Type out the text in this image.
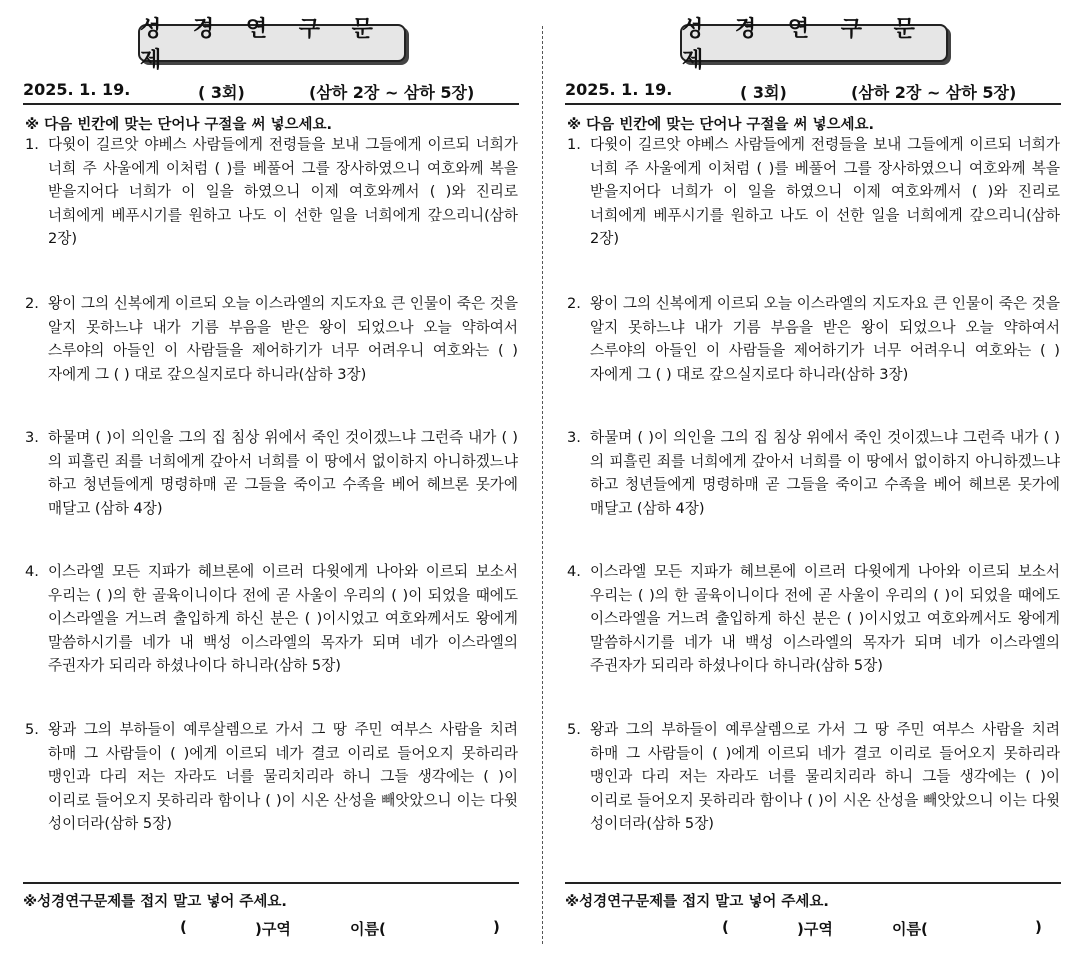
성 경 연 구 문 제
2025. 1. 19.	( 3회)	(삼하 2장 ~ 삼하 5장)
※ 다음 빈칸에 맞는 단어나 구절을 써 넣으세요.
1. 다윗이 길르앗 야베스 사람들에게 전령들을 보내 그들에게 이르되 너희가 너희 주 사울에게 이처럼 ( )를 베풀어 그를 장사하였으니 여호와께 복을 받을지어다 너희가 이 일을 하였으니 이제 여호와께서 ( )와 진리로 너희에게 베푸시기를 원하고 나도 이 선한 일을 너희에게 갚으리니(삼하 2장)
2. 왕이 그의 신복에게 이르되 오늘 이스라엘의 지도자요 큰 인물이 죽은 것을 알지 못하느냐 내가 기름 부음을 받은 왕이 되었으나 오늘 약하여서 스루야의 아들인 이 사람들을 제어하기가 너무 어려우니 여호와는 ( ) 자에게 그 ( ) 대로 갚으실지로다 하니라(삼하 3장)
3. 하물며 ( )이 의인을 그의 집 침상 위에서 죽인 것이겠느냐 그런즉 내가 ( )의 피흘린 죄를 너희에게 갚아서 너희를 이 땅에서 없이하지 아니하겠느냐 하고 청년들에게 명령하매 곧 그들을 죽이고 수족을 베어 헤브론 못가에 매달고 (삼하 4장)
4. 이스라엘 모든 지파가 헤브론에 이르러 다윗에게 나아와 이르되 보소서 우리는 ( )의 한 골육이니이다 전에 곧 사울이 우리의 ( )이 되었을 때에도 이스라엘을 거느려 출입하게 하신 분은 ( )이시었고 여호와께서도 왕에게 말씀하시기를 네가 내 백성 이스라엘의 목자가 되며 네가 이스라엘의 주권자가 되리라 하셨나이다 하니라(삼하 5장)
5. 왕과 그의 부하들이 예루살렘으로 가서 그 땅 주민 여부스 사람을 치려 하매 그 사람들이 ( )에게 이르되 네가 결코 이리로 들어오지 못하리라 맹인과 다리 저는 자라도 너를 물리치리라 하니 그들 생각에는 ( )이 이리로 들어오지 못하리라 함이나 ( )이 시온 산성을 빼앗았으니 이는 다윗 성이더라(삼하 5장)
※성경연구문제를 접지 말고 넣어 주세요.
(	)구역	이름(	)
성 경 연 구 문 제
2025. 1. 19.	( 3회)	(삼하 2장 ~ 삼하 5장)
※ 다음 빈칸에 맞는 단어나 구절을 써 넣으세요.
1. 다윗이 길르앗 야베스 사람들에게 전령들을 보내 그들에게 이르되 너희가 너희 주 사울에게 이처럼 ( )를 베풀어 그를 장사하였으니 여호와께 복을 받을지어다 너희가 이 일을 하였으니 이제 여호와께서 ( )와 진리로 너희에게 베푸시기를 원하고 나도 이 선한 일을 너희에게 갚으리니(삼하 2장)
2. 왕이 그의 신복에게 이르되 오늘 이스라엘의 지도자요 큰 인물이 죽은 것을 알지 못하느냐 내가 기름 부음을 받은 왕이 되었으나 오늘 약하여서 스루야의 아들인 이 사람들을 제어하기가 너무 어려우니 여호와는 ( ) 자에게 그 ( ) 대로 갚으실지로다 하니라(삼하 3장)
3. 하물며 ( )이 의인을 그의 집 침상 위에서 죽인 것이겠느냐 그런즉 내가 ( )의 피흘린 죄를 너희에게 갚아서 너희를 이 땅에서 없이하지 아니하겠느냐 하고 청년들에게 명령하매 곧 그들을 죽이고 수족을 베어 헤브론 못가에 매달고 (삼하 4장)
4. 이스라엘 모든 지파가 헤브론에 이르러 다윗에게 나아와 이르되 보소서 우리는 ( )의 한 골육이니이다 전에 곧 사울이 우리의 ( )이 되었을 때에도 이스라엘을 거느려 출입하게 하신 분은 ( )이시었고 여호와께서도 왕에게 말씀하시기를 네가 내 백성 이스라엘의 목자가 되며 네가 이스라엘의 주권자가 되리라 하셨나이다 하니라(삼하 5장)
5. 왕과 그의 부하들이 예루살렘으로 가서 그 땅 주민 여부스 사람을 치려 하매 그 사람들이 ( )에게 이르되 네가 결코 이리로 들어오지 못하리라 맹인과 다리 저는 자라도 너를 물리치리라 하니 그들 생각에는 ( )이 이리로 들어오지 못하리라 함이나 ( )이 시온 산성을 빼앗았으니 이는 다윗 성이더라(삼하 5장)
※성경연구문제를 접지 말고 넣어 주세요.
(	)구역	이름(	)
